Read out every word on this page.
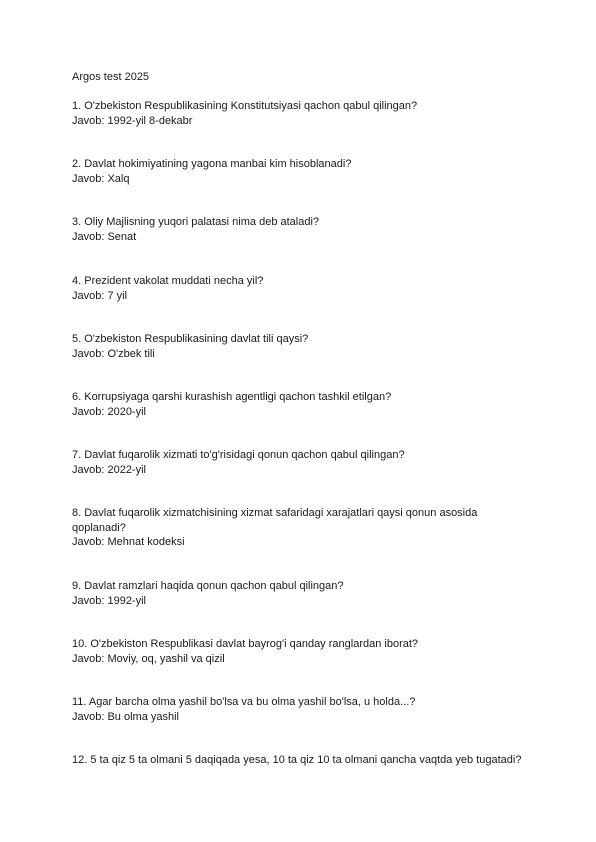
Argos test 2025
1. O'zbekiston Respublikasining Konstitutsiyasi qachon qabul qilingan?
Javob: 1992-yil 8-dekabr
2. Davlat hokimiyatining yagona manbai kim hisoblanadi?
Javob: Xalq
3. Oliy Majlisning yuqori palatasi nima deb ataladi?
Javob: Senat
4. Prezident vakolat muddati necha yil?
Javob: 7 yil
5. O'zbekiston Respublikasining davlat tili qaysi?
Javob: O'zbek tili
6. Korrupsiyaga qarshi kurashish agentligi qachon tashkil etilgan?
Javob: 2020-yil
7. Davlat fuqarolik xizmati to'g'risidagi qonun qachon qabul qilingan?
Javob: 2022-yil
8. Davlat fuqarolik xizmatchisining xizmat safaridagi xarajatlari qaysi qonun asosida qoplanadi?
Javob: Mehnat kodeksi
9. Davlat ramzlari haqida qonun qachon qabul qilingan?
Javob: 1992-yil
10. O'zbekiston Respublikasi davlat bayrog'i qanday ranglardan iborat?
Javob: Moviy, oq, yashil va qizil
11. Agar barcha olma yashil bo'lsa va bu olma yashil bo'lsa, u holda...?
Javob: Bu olma yashil
12. 5 ta qiz 5 ta olmani 5 daqiqada yesa, 10 ta qiz 10 ta olmani qancha vaqtda yeb tugatadi?
